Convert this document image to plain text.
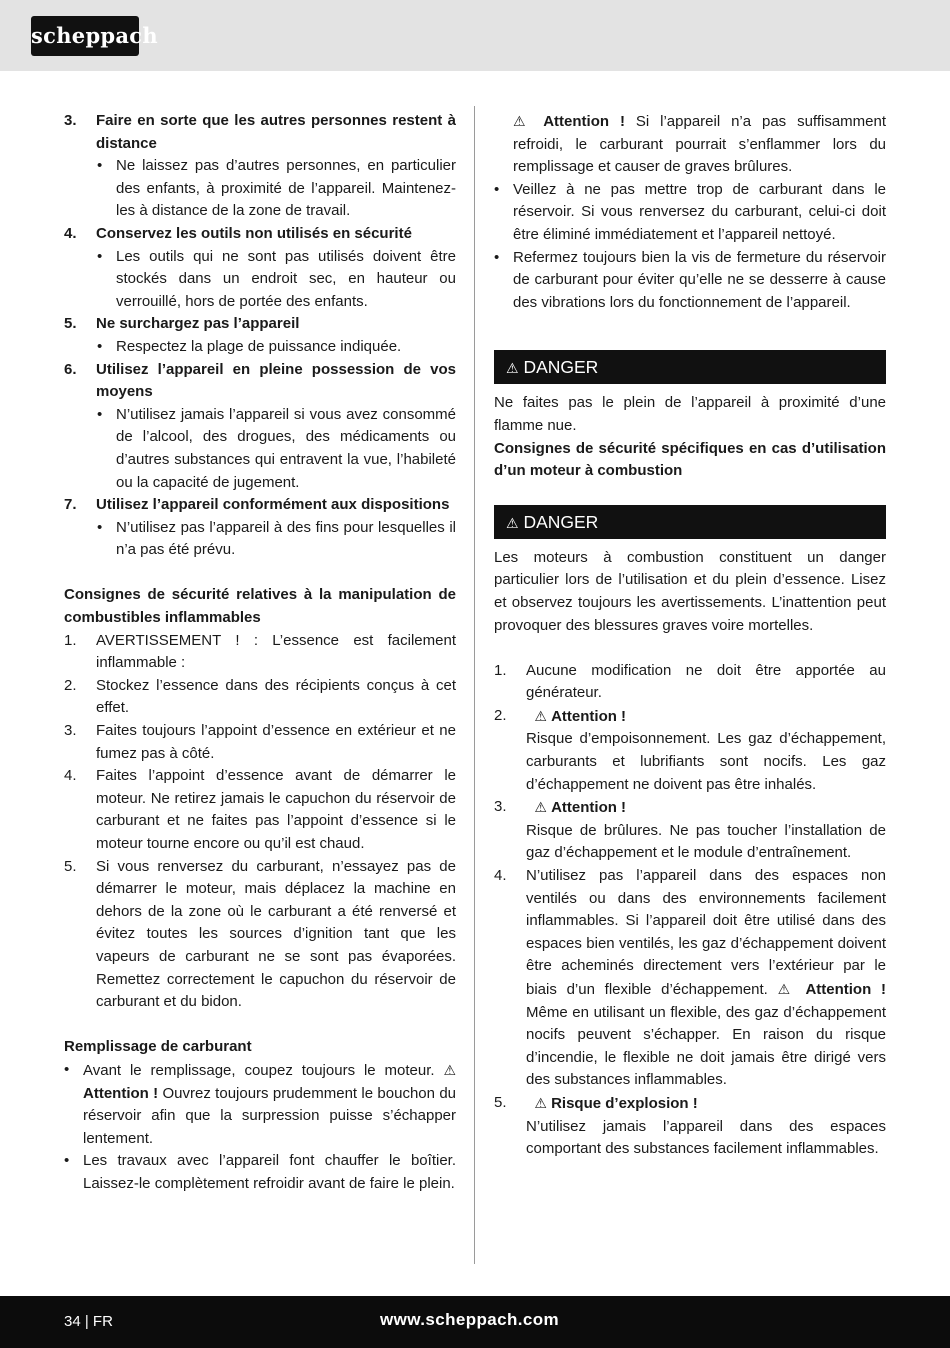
scheppach
3. Faire en sorte que les autres personnes restent à distance
• Ne laissez pas d’autres personnes, en particulier des enfants, à proximité de l’appareil. Maintenez-les à distance de la zone de travail.
4. Conservez les outils non utilisés en sécurité
• Les outils qui ne sont pas utilisés doivent être stockés dans un endroit sec, en hauteur ou verrouillé, hors de portée des enfants.
5. Ne surchargez pas l’appareil
• Respectez la plage de puissance indiquée.
6. Utilisez l’appareil en pleine possession de vos moyens
• N’utilisez jamais l’appareil si vous avez consommé de l’alcool, des drogues, des médicaments ou d’autres substances qui entravent la vue, l’habileté ou la capacité de jugement.
7. Utilisez l’appareil conformément aux dispositions
• N’utilisez pas l’appareil à des fins pour lesquelles il n’a pas été prévu.

Consignes de sécurité relatives à la manipulation de combustibles inflammables

1. AVERTISSEMENT ! : L’essence est facilement inflammable :
2. Stockez l’essence dans des récipients conçus à cet effet.
3. Faites toujours l’appoint d’essence en extérieur et ne fumez pas à côté.
4. Faites l’appoint d’essence avant de démarrer le moteur. Ne retirez jamais le capuchon du réservoir de carburant et ne faites pas l’appoint d’essence si le moteur tourne encore ou qu’il est chaud.
5. Si vous renversez du carburant, n’essayez pas de démarrer le moteur, mais déplacez la machine en dehors de la zone où le carburant a été renversé et évitez toutes les sources d’ignition tant que les vapeurs de carburant ne se sont pas évaporées. Remettez correctement le capuchon du réservoir de carburant et du bidon.

Remplissage de carburant

• Avant le remplissage, coupez toujours le moteur. ⚠ Attention ! Ouvrez toujours prudemment le bouchon du réservoir afin que la surpression puisse s’échapper lentement.
• Les travaux avec l’appareil font chauffer le boîtier. Laissez-le complètement refroidir avant de faire le plein.

⚠ Attention ! Si l’appareil n’a pas suffisamment refroidi, le carburant pourrait s’enflammer lors du remplissage et causer de graves brûlures.

• Veillez à ne pas mettre trop de carburant dans le réservoir. Si vous renversez du carburant, celui-ci doit être éliminé immédiatement et l’appareil nettoyé.
• Refermez toujours bien la vis de fermeture du réservoir de carburant pour éviter qu’elle ne se desserre à cause des vibrations lors du fonctionnement de l’appareil.
⚠ DANGER

Ne faites pas le plein de l’appareil à proximité d’une flamme nue.

Consignes de sécurité spécifiques en cas d’utilisation d’un moteur à combustion

⚠ DANGER

Les moteurs à combustion constituent un danger particulier lors de l’utilisation et du plein d’essence. Lisez et observez toujours les avertissements. L’inattention peut provoquer des blessures graves voire mortelles.

1. Aucune modification ne doit être apportée au générateur.
2. ⚠ Attention !
Risque d’empoisonnement. Les gaz d’échappement, carburants et lubrifiants sont nocifs. Les gaz d’échappement ne doivent pas être inhalés.
3. ⚠ Attention !
Risque de brûlures. Ne pas toucher l’installation de gaz d’échappement et le module d’entraînement.
4. N’utilisez pas l’appareil dans des espaces non ventilés ou dans des environnements facilement inflammables. Si l’appareil doit être utilisé dans des espaces bien ventilés, les gaz d’échappement doivent être acheminés directement vers l’extérieur par le biais d’un flexible d’échappement. ⚠ Attention ! Même en utilisant un flexible, des gaz d’échappement nocifs peuvent s’échapper. En raison du risque d’incendie, le flexible ne doit jamais être dirigé vers des substances inflammables.
5. ⚠ Risque d’explosion !
N’utilisez jamais l’appareil dans des espaces comportant des substances facilement inflammables.
34 | FR	www.scheppach.com
